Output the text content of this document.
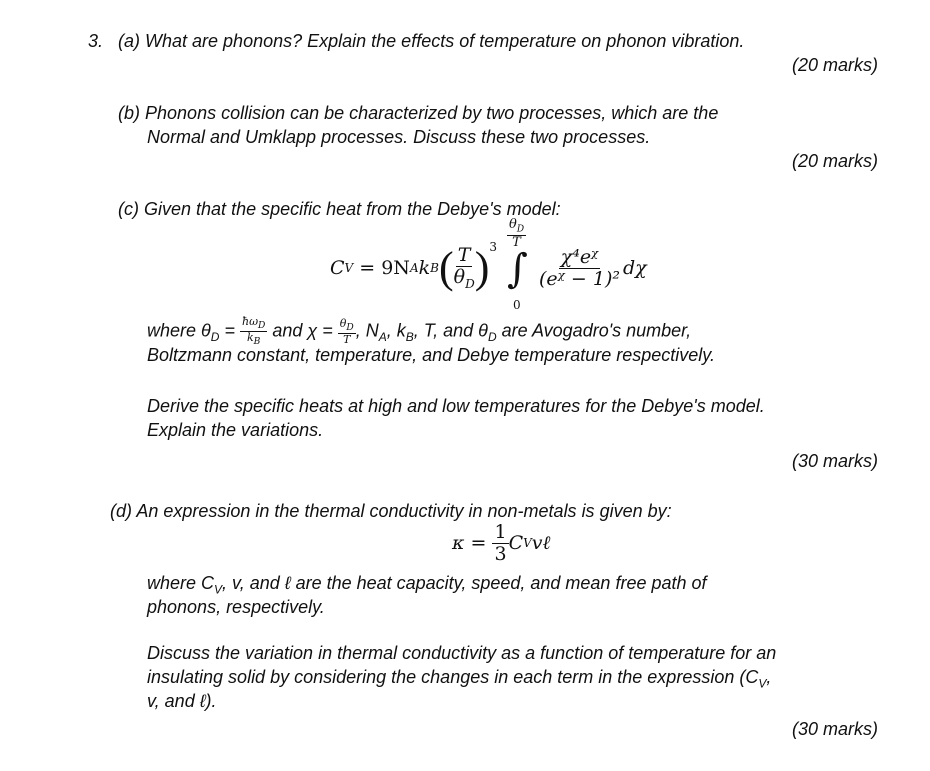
3. (a) What are phonons? Explain the effects of temperature on phonon vibration.
(20 marks)
(b) Phonons collision can be characterized by two processes, which are the
Normal and Umklapp processes. Discuss these two processes.
(20 marks)
(c) Given that the specific heat from the Debye's model:
C V = 9N A k B ( $\frac{T}{\theta_D} )^3 \frac{\theta_D}{T}$
∫
0
$\frac{\text{χ⁴eᵡ}}{\text{(eᵡ − 1)²}}$ dχ
where $\theta_D = \frac{ħ\omega_D}{k_B}$ and $\chi = \frac{\theta_D}{T}$ , $N_A$, $k_B$, T, and $\theta_D$ are Avogadro's number,
Boltzmann constant, temperature, and Debye temperature respectively.
Derive the specific heats at high and low temperatures for the Debye's model.
Explain the variations.
(30 marks)
(d) An expression in the thermal conductivity in non-metals is given by:
$\kappa = \frac{1}{3}$ C V vℓ
where $C_V$, v, and ℓ are the heat capacity, speed, and mean free path of
phonons, respectively.
Discuss the variation in thermal conductivity as a function of temperature for an
insulating solid by considering the changes in each term in the expression ($C_V$,
v, and ℓ).
(30 marks)
